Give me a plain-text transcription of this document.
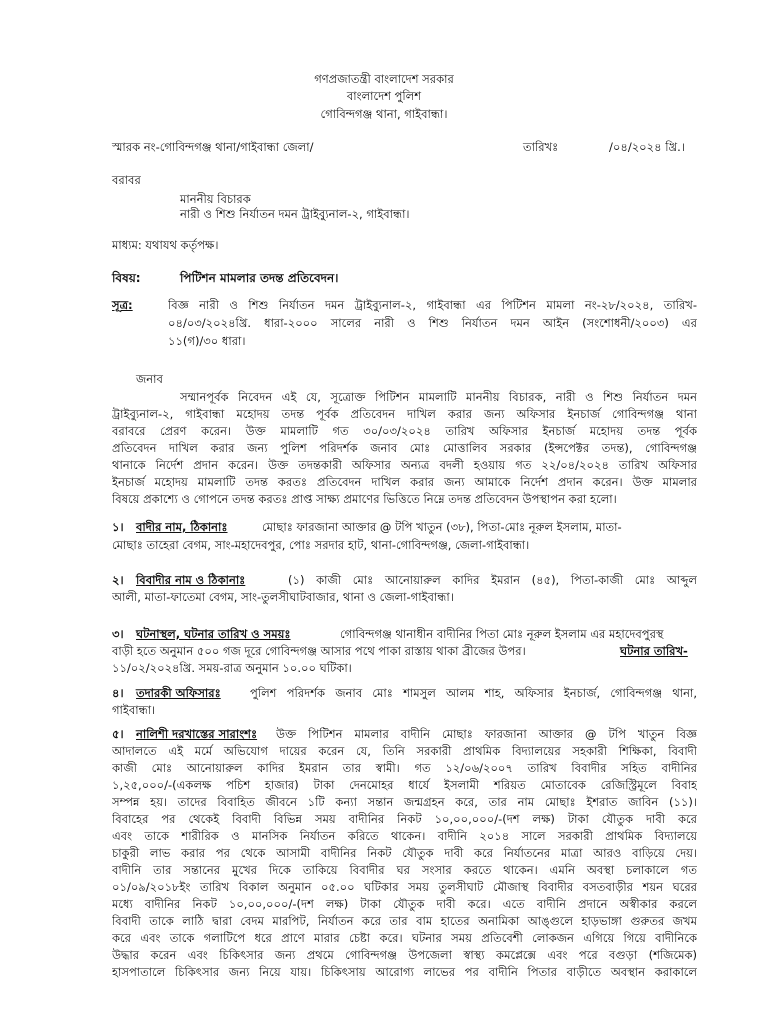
গণপ্রজাতন্ত্রী বাংলাদেশ সরকার
বাংলাদেশ পুলিশ
গোবিন্দগঞ্জ থানা, গাইবান্ধা।
স্মারক নং-গোবিন্দগঞ্জ থানা/গাইবান্ধা জেলা/	তারিখঃ	/০৪/২০২৪ খ্রি.।
বরাবর
মাননীয় বিচারক
নারী ও শিশু নির্যাতন দমন ট্রাইব্যুনাল-২, গাইবান্ধা।
মাধ্যম: যথাযথ কর্তৃপক্ষ।
বিষয়:	পিটিশন মামলার তদন্ত প্রতিবেদন।
সূত্র:	বিজ্ঞ নারী ও শিশু নির্যাতন দমন ট্রাইব্যুনাল-২, গাইবান্ধা এর পিটিশন মামলা নং-২৮/২০২৪, তারিখ-
০৪/০৩/২০২৪খ্রি. ধারা-২০০০ সালের নারী ও শিশু নির্যাতন দমন আইন (সংশোধনী/২০০৩) এর
১১(গ)/৩০ ধারা।
জনাব
সম্মানপূর্বক নিবেদন এই যে, সূত্রোক্ত পিটিশন মামলাটি মাননীয় বিচারক, নারী ও শিশু নির্যাতন দমন
ট্রাইব্যুনাল-২, গাইবান্ধা মহোদয় তদন্ত পূর্বক প্রতিবেদন দাখিল করার জন্য অফিসার ইনচার্জ গোবিন্দগঞ্জ থানা
বরাবরে প্রেরণ করেন। উক্ত মামলাটি গত ৩০/০৩/২০২৪ তারিখ অফিসার ইনচার্জ মহোদয় তদন্ত পূর্বক
প্রতিবেদন দাখিল করার জন্য পুলিশ পরিদর্শক জনাব মোঃ মোত্তালিব সরকার (ইন্সপেক্টর তদন্ত), গোবিন্দগঞ্জ
থানাকে নির্দেশ প্রদান করেন। উক্ত তদন্তকারী অফিসার অন্যত্র বদলী হওয়ায় গত ২২/০৪/২০২৪ তারিখ অফিসার
ইনচার্জ মহোদয় মামলাটি তদন্ত করতঃ প্রতিবেদন দাখিল করার জন্য আমাকে নির্দেশ প্রদান করেন। উক্ত মামলার
বিষয়ে প্রকাশ্যে ও গোপনে তদন্ত করতঃ প্রাপ্ত সাক্ষ্য প্রমাণের ভিত্তিতে নিম্নে তদন্ত প্রতিবেদন উপস্থাপন করা হলো।
১। বাদীর নাম, ঠিকানাঃ	মোছাঃ ফারজানা আক্তার @ টপি খাতুন (৩৮), পিতা-মোঃ নূরুল ইসলাম, মাতা-
মোছাঃ তাহেরা বেগম, সাং-মহাদেবপুর, পোঃ সরদার হাট, থানা-গোবিন্দগঞ্জ, জেলা-গাইবান্ধা।
২। বিবাদীর নাম ও ঠিকানাঃ	(১) কাজী মোঃ আনোয়ারুল কাদির ইমরান (৪৫), পিতা-কাজী মোঃ আব্দুল
আলী, মাতা-ফাতেমা বেগম, সাং-তুলসীঘাটবাজার, থানা ও জেলা-গাইবান্ধা।
৩। ঘটনাস্থল, ঘটনার তারিখ ও সময়ঃ	গোবিন্দগঞ্জ থানাধীন বাদীনির পিতা মোঃ নূরুল ইসলাম এর মহাদেবপুরস্থ
বাড়ী হতে অনুমান ৫০০ গজ দূরে গোবিন্দগঞ্জ আসার পথে পাকা রাস্তায় থাকা ব্রীজের উপর।	ঘটনার তারিখ-
১১/০২/২০২৪খ্রি. সময়-রাত্র অনুমান ১০.০০ ঘটিকা।
৪। তদারকী অফিসারঃ	পুলিশ পরিদর্শক জনাব মোঃ শামসুল আলম শাহ, অফিসার ইনচার্জ, গোবিন্দগঞ্জ থানা,
গাইবান্ধা।
৫। নালিশী দরখাস্তের সারাংশঃ উক্ত পিটিশন মামলার বাদীনি মোছাঃ ফারজানা আক্তার @ টপি খাতুন বিজ্ঞ
আদালতে এই মর্মে অভিযোগ দায়ের করেন যে, তিনি সরকারী প্রাথমিক বিদ্যালয়ের সহকারী শিক্ষিকা, বিবাদী
কাজী মোঃ আনোয়ারুল কাদির ইমরান তার স্বামী। গত ১২/০৬/২০০৭ তারিখ বিবাদীর সহিত বাদীনির
১,২৫,০০০/-(একলক্ষ পচিশ হাজার) টাকা দেনমোহর ধার্যে ইসলামী শরিয়ত মোতাবেক রেজিস্ট্রিমূলে বিবাহ
সম্পন্ন হয়। তাদের বিবাহিত জীবনে ১টি কন্যা সন্তান জন্মগ্রহন করে, তার নাম মোছাঃ ইশরাত জাবিন (১১)।
বিবাহের পর থেকেই বিবাদী বিভিন্ন সময় বাদীনির নিকট ১০,০০,০০০/-(দশ লক্ষ) টাকা যৌতুক দাবী করে
এবং তাকে শারীরিক ও মানসিক নির্যাতন করিতে থাকেন। বাদীনি ২০১৪ সালে সরকারী প্রাথমিক বিদ্যালয়ে
চাকুরী লাভ করার পর থেকে আসামী বাদীনির নিকট যৌতুক দাবী করে নির্যাতনের মাত্রা আরও বাড়িয়ে দেয়।
বাদীনি তার সন্তানের মুখের দিকে তাকিয়ে বিবাদীর ঘর সংসার করতে থাকেন। এমনি অবস্থা চলাকালে গত
০১/০৯/২০১৮ইং তারিখ বিকাল অনুমান ০৫.০০ ঘটিকার সময় তুলসীঘাট মৌজাস্থ বিবাদীর বসতবাড়ীর শয়ন ঘরের
মধ্যে বাদীনির নিকট ১০,০০,০০০/-(দশ লক্ষ) টাকা যৌতুক দাবী করে। এতে বাদীনি প্রদানে অস্বীকার করলে
বিবাদী তাকে লাঠি দ্বারা বেদম মারপিট, নির্যাতন করে তার বাম হাতের অনামিকা আঙ্গুলে হাড়ভাঙ্গা গুরুতর জখম
করে এবং তাকে গলাটিপে ধরে প্রাণে মারার চেষ্টা করে। ঘটনার সময় প্রতিবেশী লোকজন এগিয়ে গিয়ে বাদীনিকে
উদ্ধার করেন এবং চিকিৎসার জন্য প্রথমে গোবিন্দগঞ্জ উপজেলা স্বাস্থ্য কমপ্লেক্সে এবং পরে বগুড়া (শজিমেক)
হাসপাতালে চিকিৎসার জন্য নিয়ে যায়। চিকিৎসায় আরোগ্য লাভের পর বাদীনি পিতার বাড়ীতে অবস্থান করাকালে
